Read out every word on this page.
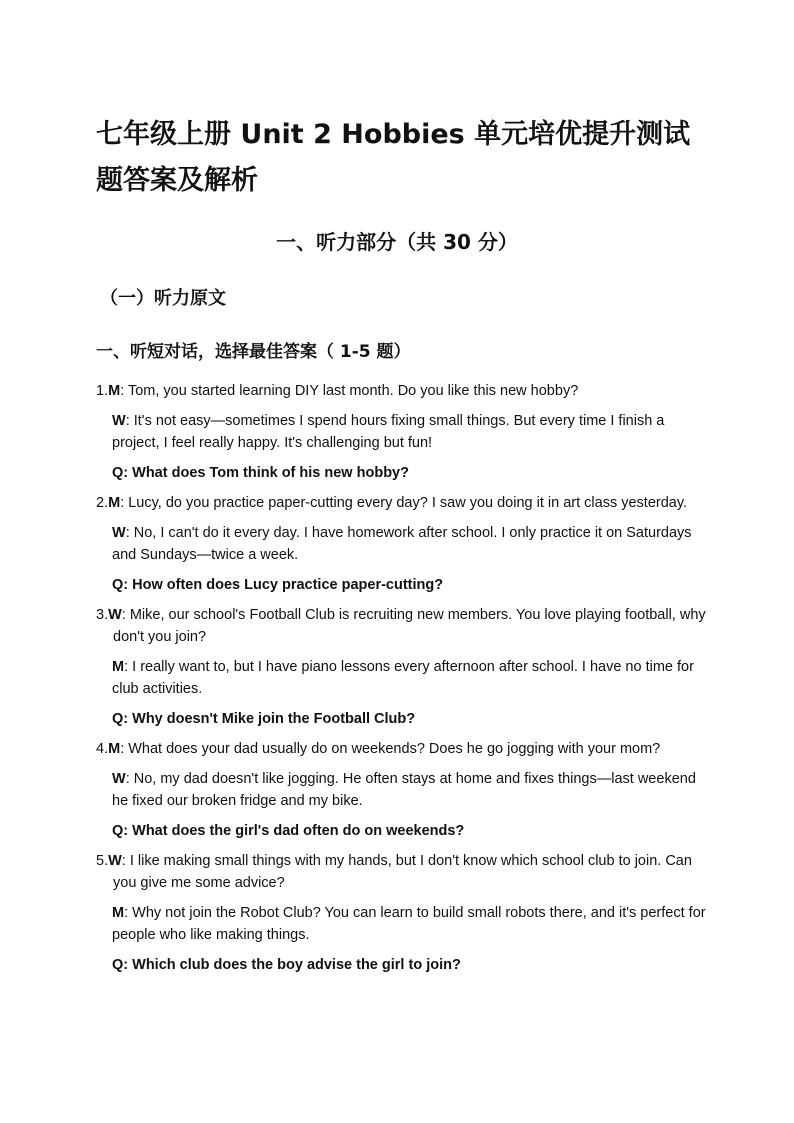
七年级上册 Unit 2 Hobbies 单元培优提升测试题答案及解析
一、听力部分（共 30 分）
（一）听力原文
一、听短对话，选择最佳答案（ 1-5 题）
1.M: Tom, you started learning DIY last month. Do you like this new hobby?
W: It's not easy—sometimes I spend hours fixing small things. But every time I finish a project, I feel really happy. It's challenging but fun!
Q: What does Tom think of his new hobby?
2.M: Lucy, do you practice paper-cutting every day? I saw you doing it in art class yesterday.
W: No, I can't do it every day. I have homework after school. I only practice it on Saturdays and Sundays—twice a week.
Q: How often does Lucy practice paper-cutting?
3.W: Mike, our school's Football Club is recruiting new members. You love playing football, why don't you join?
M: I really want to, but I have piano lessons every afternoon after school. I have no time for club activities.
Q: Why doesn't Mike join the Football Club?
4.M: What does your dad usually do on weekends? Does he go jogging with your mom?
W: No, my dad doesn't like jogging. He often stays at home and fixes things—last weekend he fixed our broken fridge and my bike.
Q: What does the girl's dad often do on weekends?
5.W: I like making small things with my hands, but I don't know which school club to join. Can you give me some advice?
M: Why not join the Robot Club? You can learn to build small robots there, and it's perfect for people who like making things.
Q: Which club does the boy advise the girl to join?
